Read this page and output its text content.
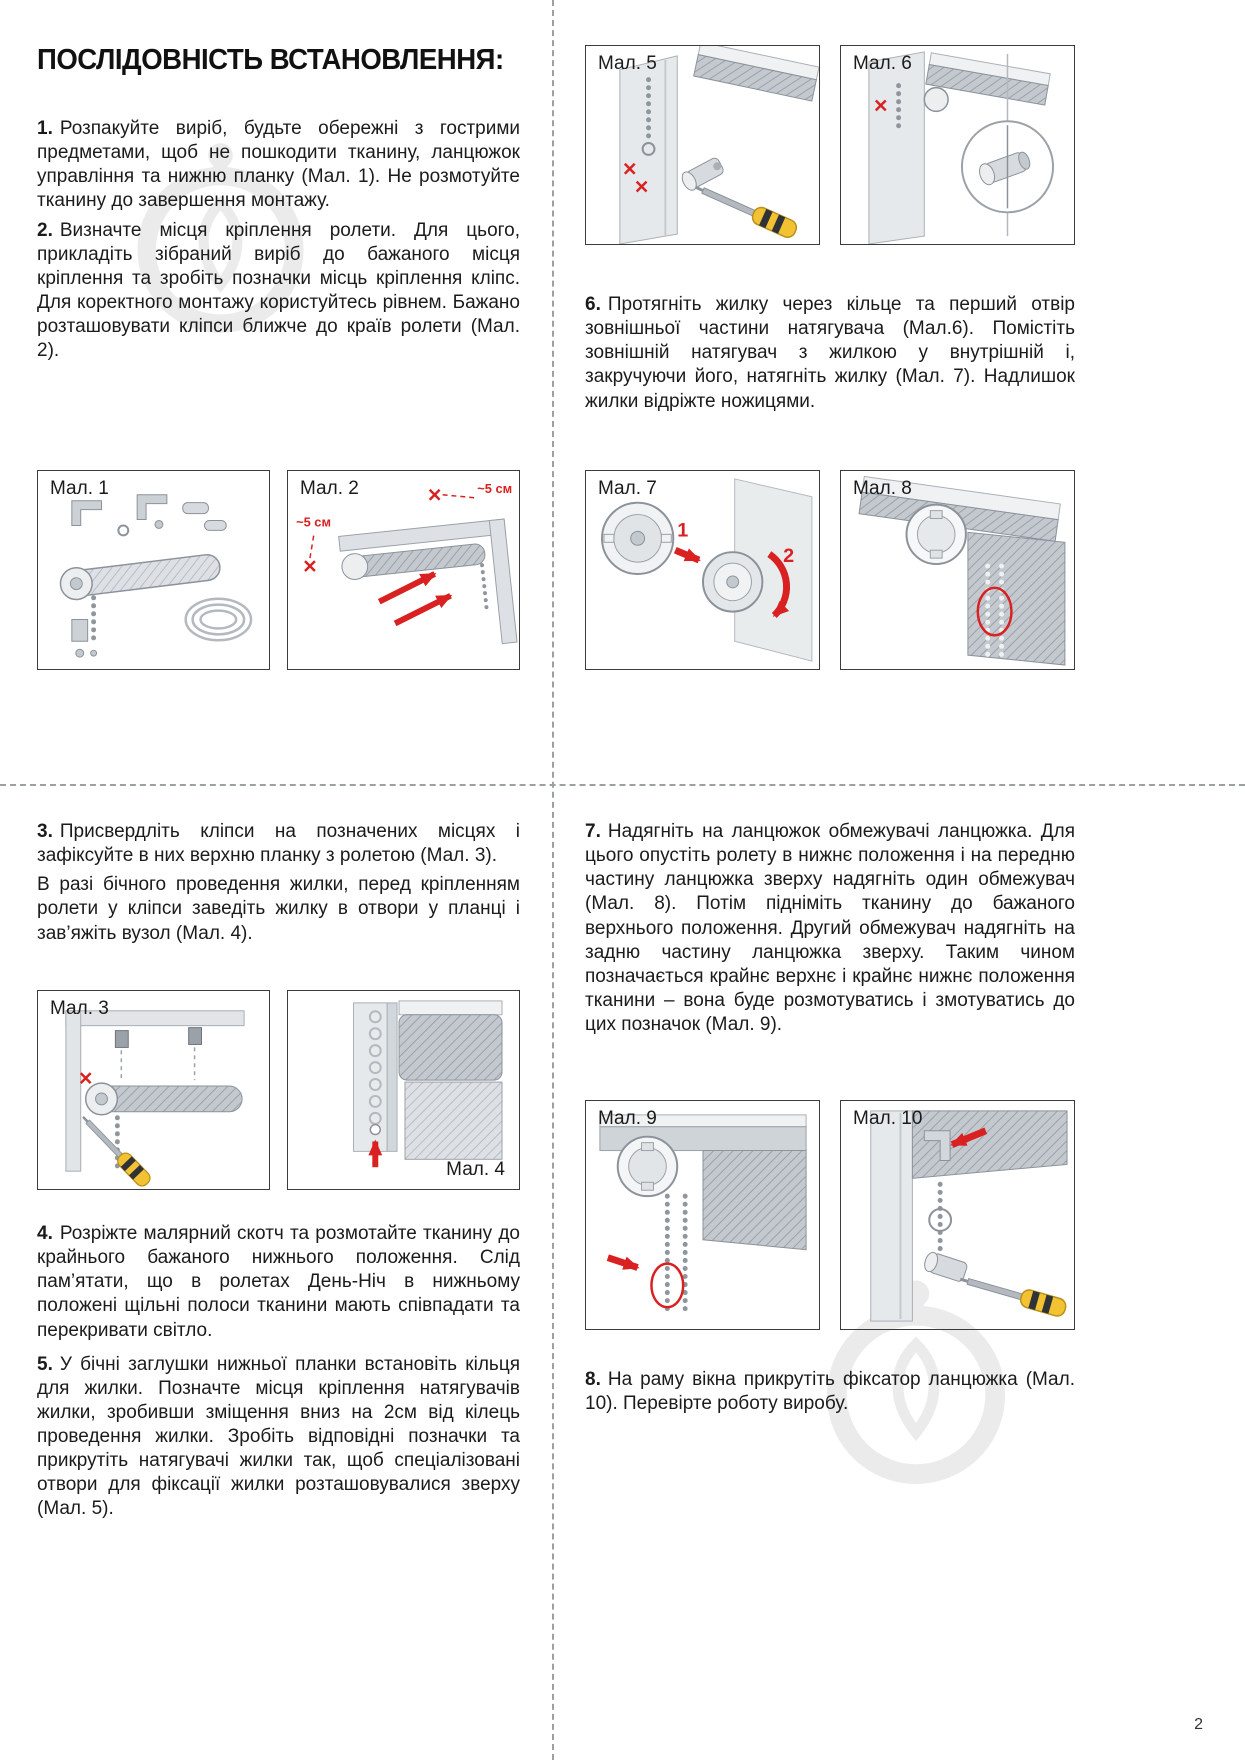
ПОСЛІДОВНІСТЬ ВСТАНОВЛЕННЯ:

1. Розпакуйте виріб, будьте обережні з гострими предметами, щоб не пошкодити тканину, ланцюжок управління та нижню планку (Мал. 1). Не розмотуйте тканину до завершення монтажу.

2. Визначте місця кріплення ролети. Для цього, прикладіть зібраний виріб до бажаного місця кріплення та зробіть позначки місць кріплення кліпс. Для коректного монтажу користуйтесь рівнем. Бажано розташовувати кліпси ближче до країв ролети (Мал. 2).

Мал. 1	Мал. 2	~5 см
~5 см
Мал. 5	Мал. 6

6. Протягніть жилку через кільце та перший отвір зовнішньої частини натягувача (Мал.6). Помістіть зовнішній натягувач з жилкою у внутрішній і, закручуючи його, натягніть жилку (Мал. 7). Надлишок жилки відріжте ножицями.

Мал. 7
1
2
Мал. 8

3. Присвердліть кліпси на позначених місцях і зафіксуйте в них верхню планку з ролетою (Мал. 3).

В разі бічного проведення жилки, перед кріпленням ролети у кліпси заведіть жилку в отвори у планці і зав’яжіть вузол (Мал. 4).

Мал. 3
Мал. 4

4. Розріжте малярний скотч та розмотайте тканину до крайнього бажаного нижнього положення. Слід пам’ятати, що в ролетах День-Ніч в нижньому положені щільні полоси тканини мають співпадати та перекривати світло.

5. У бічні заглушки нижньої планки встановіть кільця для жилки. Позначте місця кріплення натягувачів жилки, зробивши зміщення вниз на 2см від кілець проведення жилки. Зробіть відповідні позначки та прикрутіть натягувачі жилки так, щоб спеціалізовані отвори для фіксації жилки розташовувалися зверху (Мал. 5).

7. Надягніть на ланцюжок обмежувачі ланцюжка. Для цього опустіть ролету в нижнє положення і на передню частину ланцюжка зверху надягніть один обмежувач (Мал. 8). Потім підніміть тканину до бажаного верхнього положення. Другий обмежувач надягніть на задню частину ланцюжка зверху. Таким чином позначається крайнє верхнє і крайнє нижнє положення тканини – вона буде розмотуватись і змотуватись до цих позначок (Мал. 9).

Мал. 9	Мал. 10

8. На раму вікна прикрутіть фіксатор ланцюжка (Мал. 10). Перевірте роботу виробу.

2
